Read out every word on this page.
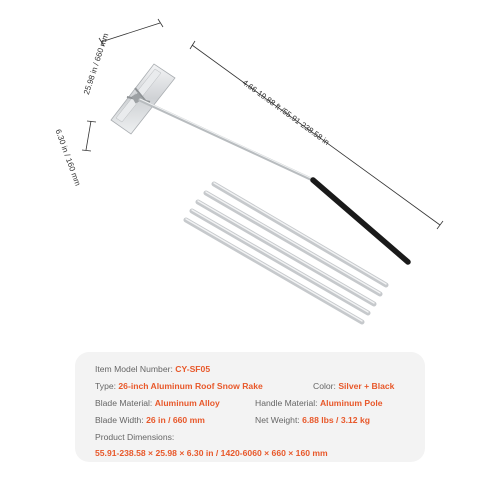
25.98 in / 660 mm
6.30 in / 160 mm
4.66-19.88 ft /55.91-238.58 in
Item Model Number: CY-SF05
Type: 26-inch Aluminum Roof Snow Rake	Color: Silver + Black
Blade Material: Aluminum Alloy	Handle Material: Aluminum Pole
Blade Width: 26 in / 660 mm	Net Weight: 6.88 lbs / 3.12 kg
Product Dimensions:
55.91-238.58 × 25.98 × 6.30 in / 1420-6060 × 660 × 160 mm
